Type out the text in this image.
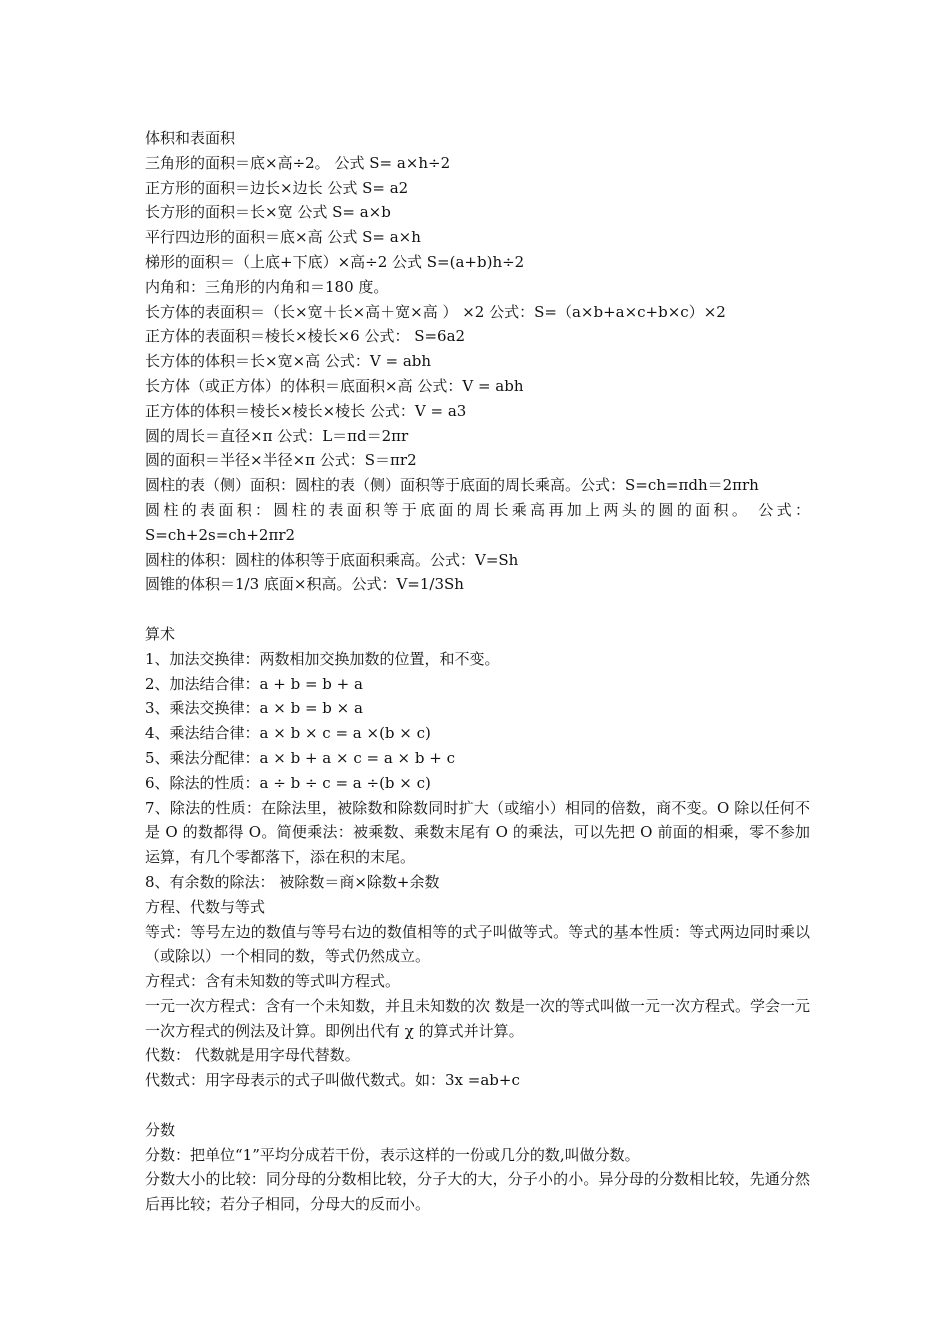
体积和表面积

三角形的面积＝底×高÷2。 公式 S= a×h÷2

正方形的面积＝边长×边长 公式 S= a2

长方形的面积＝长×宽 公式 S= a×b

平行四边形的面积＝底×高 公式 S= a×h

梯形的面积＝（上底+下底）×高÷2 公式 S=(a+b)h÷2

内角和：三角形的内角和＝180 度。

长方体的表面积＝（长×宽＋长×高＋宽×高 ） ×2 公式：S=（a×b+a×c+b×c）×2

正方体的表面积＝棱长×棱长×6 公式： S=6a2

长方体的体积＝长×宽×高 公式：V = abh

长方体（或正方体）的体积＝底面积×高 公式：V = abh

正方体的体积＝棱长×棱长×棱长 公式：V = a3

圆的周长＝直径×π 公式：L＝πd＝2πr

圆的面积＝半径×半径×π 公式：S＝πr2

圆柱的表（侧）面积：圆柱的表（侧）面积等于底面的周长乘高。公式：S=ch=πdh＝2πrh

圆柱的表面积：圆柱的表面积等于底面的周长乘高再加上两头的圆的面积。 公式：S=ch+2s=ch+2πr2

圆柱的体积：圆柱的体积等于底面积乘高。公式：V=Sh

圆锥的体积＝1/3 底面×积高。公式：V=1/3Sh

算术

1、加法交换律：两数相加交换加数的位置，和不变。

2、加法结合律：a + b = b + a

3、乘法交换律：a × b = b × a

4、乘法结合律：a × b × c = a ×(b × c)

5、乘法分配律：a × b + a × c = a × b + c

6、除法的性质：a ÷ b ÷ c = a ÷(b × c)

7、除法的性质：在除法里，被除数和除数同时扩大（或缩小）相同的倍数，商不变。O 除以任何不是 O 的数都得 O。简便乘法：被乘数、乘数末尾有 O 的乘法，可以先把 O 前面的相乘，零不参加运算，有几个零都落下，添在积的末尾。

8、有余数的除法： 被除数＝商×除数+余数

方程、代数与等式

等式：等号左边的数值与等号右边的数值相等的式子叫做等式。等式的基本性质：等式两边同时乘以（或除以）一个相同的数，等式仍然成立。

方程式：含有未知数的等式叫方程式。

一元一次方程式：含有一个未知数，并且未知数的次 数是一次的等式叫做一元一次方程式。学会一元一次方程式的例法及计算。即例出代有 χ 的算式并计算。

代数： 代数就是用字母代替数。

代数式：用字母表示的式子叫做代数式。如：3x =ab+c

分数

分数：把单位“1”平均分成若干份，表示这样的一份或几分的数,叫做分数。

分数大小的比较：同分母的分数相比较，分子大的大，分子小的小。异分母的分数相比较，先通分然后再比较；若分子相同，分母大的反而小。
